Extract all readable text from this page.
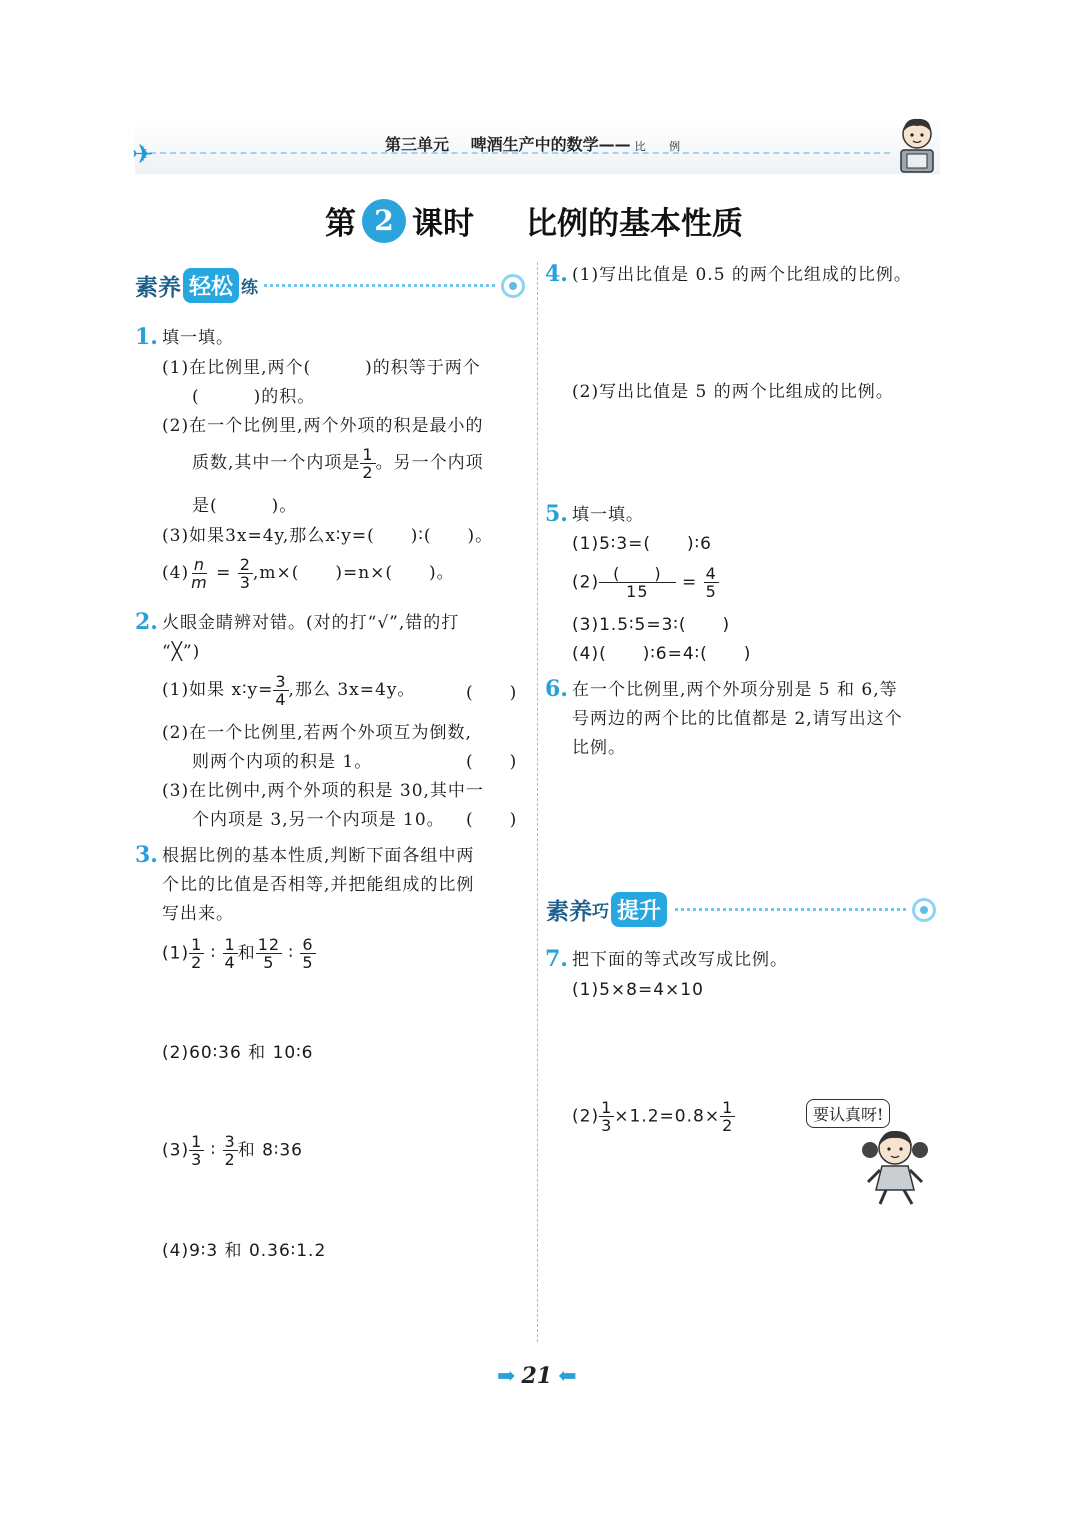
✈	第三单元 啤酒生产中的数学—— 比 例
第 2 课时 比例的基本性质
素 养 轻松 练
1. 填一填。
(1)在比例里,两个(　　　)的积等于两个
(　　　)的积。
(2)在一个比例里,两个外项的积是最小的
质数,其中一个内项是 $\frac{1}{2}$ 。另一个内项
是(　　　)。
(3)如果3x=4y,那么x∶y=(　　)∶(　　)。
$(4) \frac{n}{m} = \frac{2}{3} ,m\times$(　　)=n×(　　)。
2. 火眼金睛辨对错。(对的打“√”,错的打
“╳”)
(1)如果 x∶y= $\frac{3}{4}$ ,那么 3x=4y。	(　　)
(2)在一个比例里,若两个外项互为倒数,
则两个内项的积是 1。	(　　)
(3)在比例中,两个外项的积是 30,其中一
个内项是 3,另一个内项是 10。 (　　)
3. 根据比例的基本性质,判断下面各组中两
个比的比值是否相等,并把能组成的比例
写出来。
$(1) \frac{1}{2}$ ∶ $\frac{1}{4}$ 和 $\frac{12}{5}$ ∶ $\frac{6}{5}$
(2)60∶36 和 10∶6
$(3) \frac{1}{3}$ ∶ $\frac{3}{2}$ 和 8∶36
(4)9∶3 和 0.36∶1.2
4. (1)写出比值是 0.5 的两个比组成的比例。
(2)写出比值是 5 的两个比组成的比例。
5. 填一填。
(1)5∶3=(　　)∶6
$(2) \frac{( )}{15} = \frac{4}{5}$
(3)1.5∶5=3∶(　　)
(4)(　　)∶6=4∶(　　)
6. 在一个比例里,两个外项分别是 5 和 6,等
号两边的两个比的比值都是 2,请写出这个
比例。
素 养 巧 提升
7. 把下面的等式改写成比例。
(1)5×8=4×10
$(2) \frac{1}{3} \times 1.2=0.8\times \frac{1}{2}$	要认真呀!
➡ 21 ⬅
